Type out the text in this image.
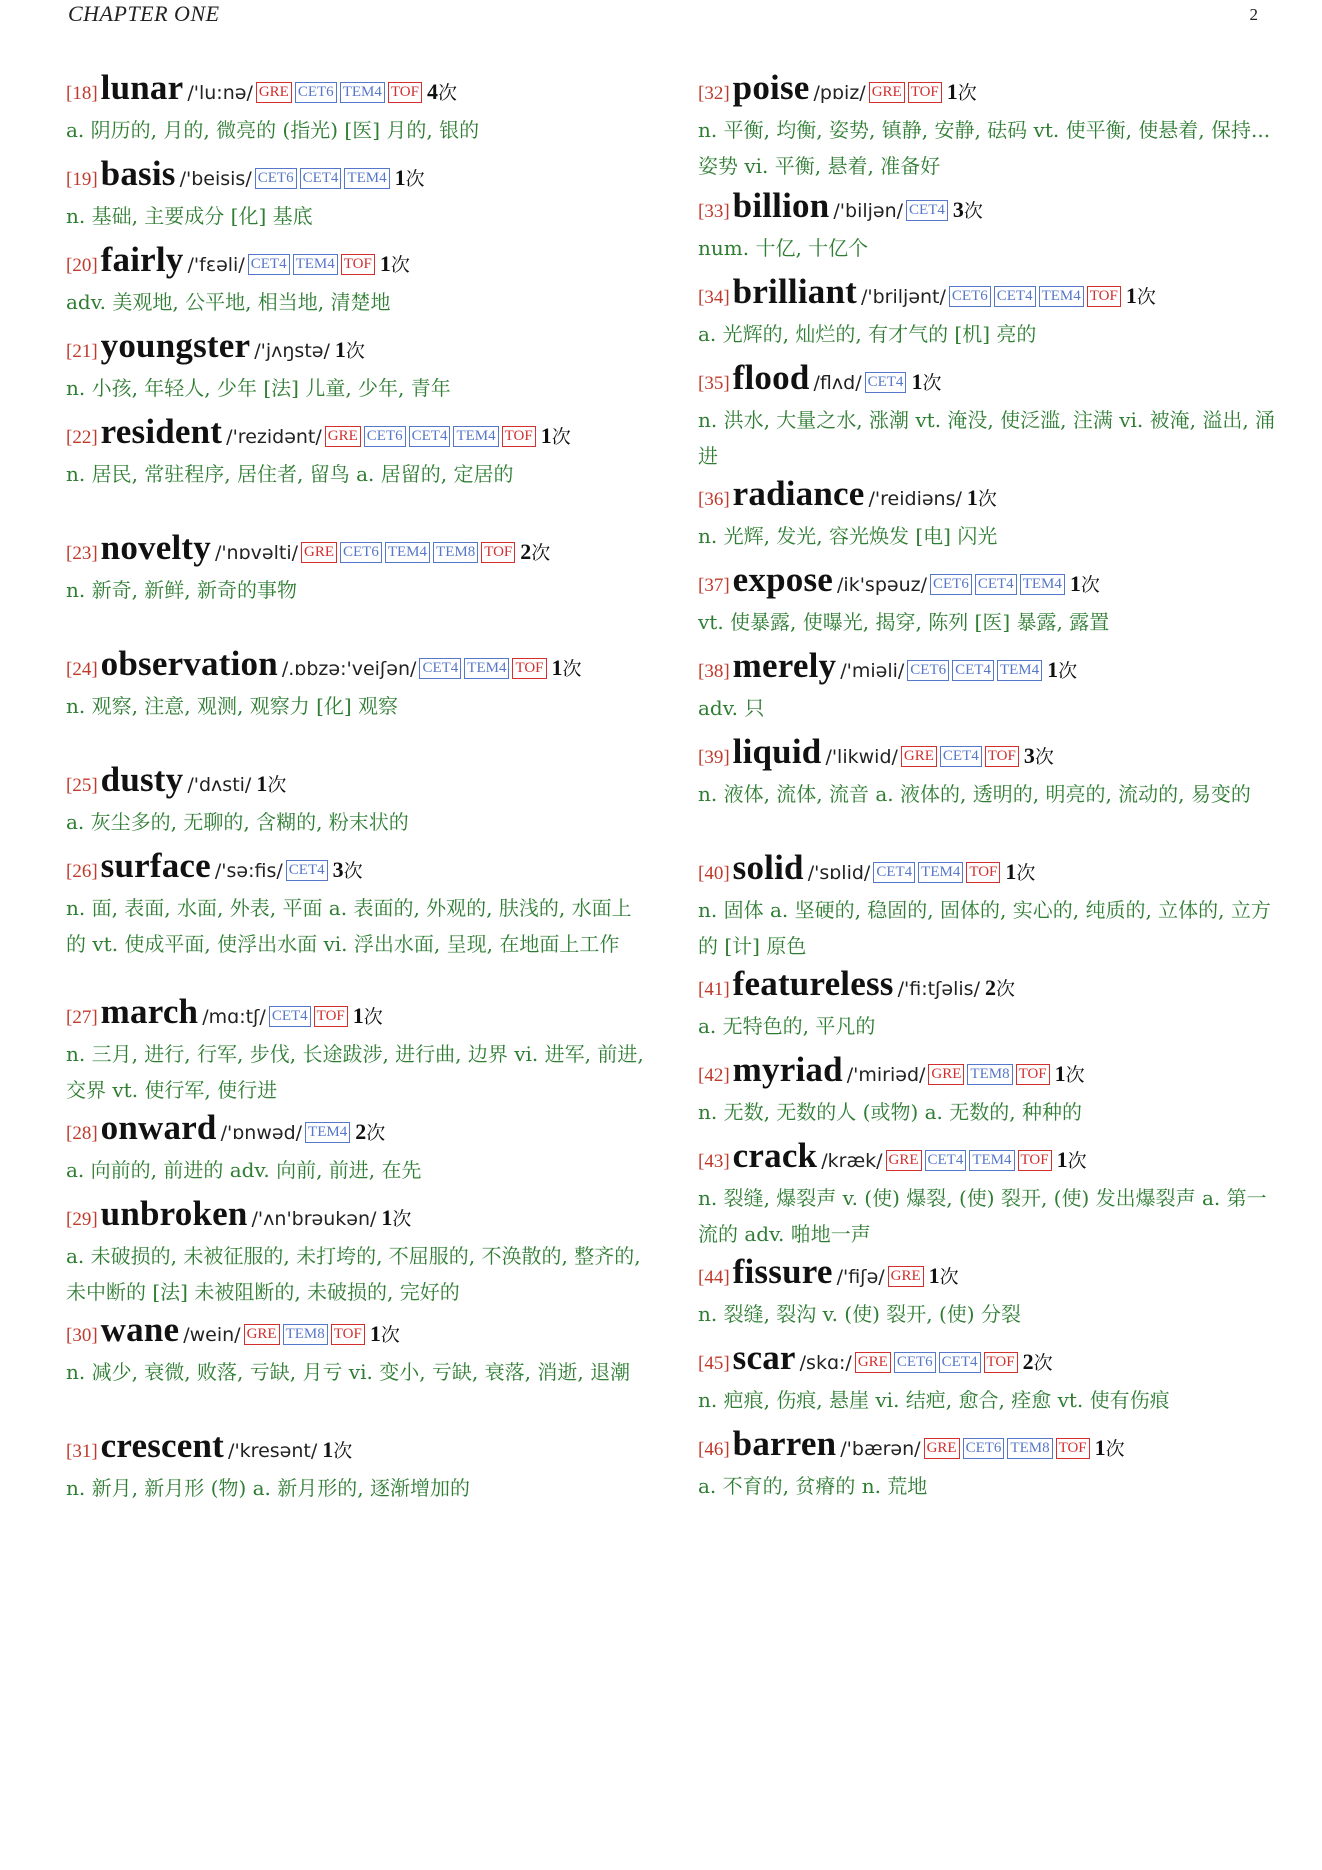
CHAPTER ONE	2
[18]lunar /'lu:nə/ GRE CET6 TEM4 TOF 4次
a. 阴历的, 月的, 微亮的 (指光) [医] 月的, 银的
[19]basis /'beisis/ CET6 CET4 TEM4 1次
n. 基础, 主要成分 [化] 基底
[20]fairly /'fɛəli/ CET4 TEM4 TOF 1次
adv. 美观地, 公平地, 相当地, 清楚地
[21]youngster /'jʌŋstə/ 1次
n. 小孩, 年轻人, 少年 [法] 儿童, 少年, 青年
[22]resident /'rezidənt/ GRE CET6 CET4 TEM4 TOF 1次
n. 居民, 常驻程序, 居住者, 留鸟 a. 居留的, 定居的
[23]novelty /'nɒvəlti/ GRE CET6 TEM4 TEM8 TOF 2次
n. 新奇, 新鲜, 新奇的事物
[24]observation /.ɒbzə:'veiʃən/ CET4 TEM4 TOF 1次
n. 观察, 注意, 观测, 观察力 [化] 观察
[25]dusty /'dʌsti/ 1次
a. 灰尘多的, 无聊的, 含糊的, 粉末状的
[26]surface /'sə:fis/ CET4 3次
n. 面, 表面, 水面, 外表, 平面 a. 表面的, 外观的, 肤浅的, 水面上的 vt. 使成平面, 使浮出水面 vi. 浮出水面, 呈现, 在地面上工作
[27]march /mɑ:tʃ/ CET4 TOF 1次
n. 三月, 进行, 行军, 步伐, 长途跋涉, 进行曲, 边界 vi. 进军, 前进, 交界 vt. 使行军, 使行进
[28]onward /'ɒnwəd/ TEM4 2次
a. 向前的, 前进的 adv. 向前, 前进, 在先
[29]unbroken /'ʌn'brəukən/ 1次
a. 未破损的, 未被征服的, 未打垮的, 不屈服的, 不涣散的, 整齐的, 未中断的 [法] 未被阻断的, 未破损的, 完好的
[30]wane /wein/ GRE TEM8 TOF 1次
n. 减少, 衰微, 败落, 亏缺, 月亏 vi. 变小, 亏缺, 衰落, 消逝, 退潮
[31]crescent /'kresənt/ 1次
n. 新月, 新月形 (物) a. 新月形的, 逐渐增加的
[32]poise /pɒiz/ GRE TOF 1次
n. 平衡, 均衡, 姿势, 镇静, 安静, 砝码 vt. 使平衡, 使悬着, 保持... 姿势 vi. 平衡, 悬着, 准备好
[33]billion /'biljən/ CET4 3次
num. 十亿, 十亿个
[34]brilliant /'briljənt/ CET6 CET4 TEM4 TOF 1次
a. 光辉的, 灿烂的, 有才气的 [机] 亮的
[35]flood /flʌd/ CET4 1次
n. 洪水, 大量之水, 涨潮 vt. 淹没, 使泛滥, 注满 vi. 被淹, 溢出, 涌进
[36]radiance /'reidiəns/ 1次
n. 光辉, 发光, 容光焕发 [电] 闪光
[37]expose /ik'spəuz/ CET6 CET4 TEM4 1次
vt. 使暴露, 使曝光, 揭穿, 陈列 [医] 暴露, 露置
[38]merely /'miəli/ CET6 CET4 TEM4 1次
adv. 只
[39]liquid /'likwid/ GRE CET4 TOF 3次
n. 液体, 流体, 流音 a. 液体的, 透明的, 明亮的, 流动的, 易变的
[40]solid /'sɒlid/ CET4 TEM4 TOF 1次
n. 固体 a. 坚硬的, 稳固的, 固体的, 实心的, 纯质的, 立体的, 立方的 [计] 原色
[41]featureless /'fi:tʃəlis/ 2次
a. 无特色的, 平凡的
[42]myriad /'miriəd/ GRE TEM8 TOF 1次
n. 无数, 无数的人 (或物) a. 无数的, 种种的
[43]crack /kræk/ GRE CET4 TEM4 TOF 1次
n. 裂缝, 爆裂声 v. (使) 爆裂, (使) 裂开, (使) 发出爆裂声 a. 第一流的 adv. 啪地一声
[44]fissure /'fiʃə/ GRE 1次
n. 裂缝, 裂沟 v. (使) 裂开, (使) 分裂
[45]scar /skɑ:/ GRE CET6 CET4 TOF 2次
n. 疤痕, 伤痕, 悬崖 vi. 结疤, 愈合, 痊愈 vt. 使有伤痕
[46]barren /'bærən/ GRE CET6 TEM8 TOF 1次
a. 不育的, 贫瘠的 n. 荒地
